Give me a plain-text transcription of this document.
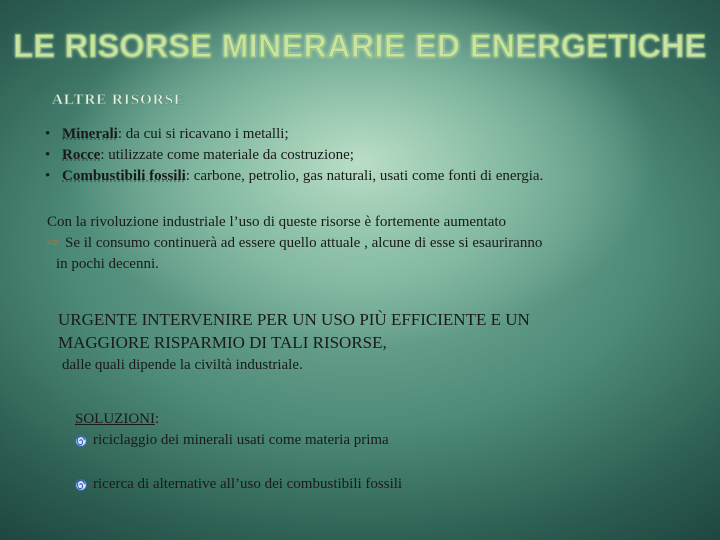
LE RISORSE MINERARIE ED ENERGETICHE
ALTRE RISORSE
• Minerali: da cui si ricavano i metalli;
• Rocce: utilizzate come materiale da costruzione;
• Combustibili fossili: carbone, petrolio, gas naturali, usati come fonti di energia.
Con la rivoluzione industriale l’uso di queste risorse è fortemente aumentato
⇨ Se il consumo continuerà ad essere quello attuale , alcune di esse si esauriranno
in pochi decenni.
URGENTE INTERVENIRE PER UN USO PIÙ EFFICIENTE E UN
MAGGIORE RISPARMIO DI TALI RISORSE,
dalle quali dipende la civiltà industriale.
SOLUZIONI:
riciclaggio dei minerali usati come materia prima
ricerca di alternative all’uso dei combustibili fossili
